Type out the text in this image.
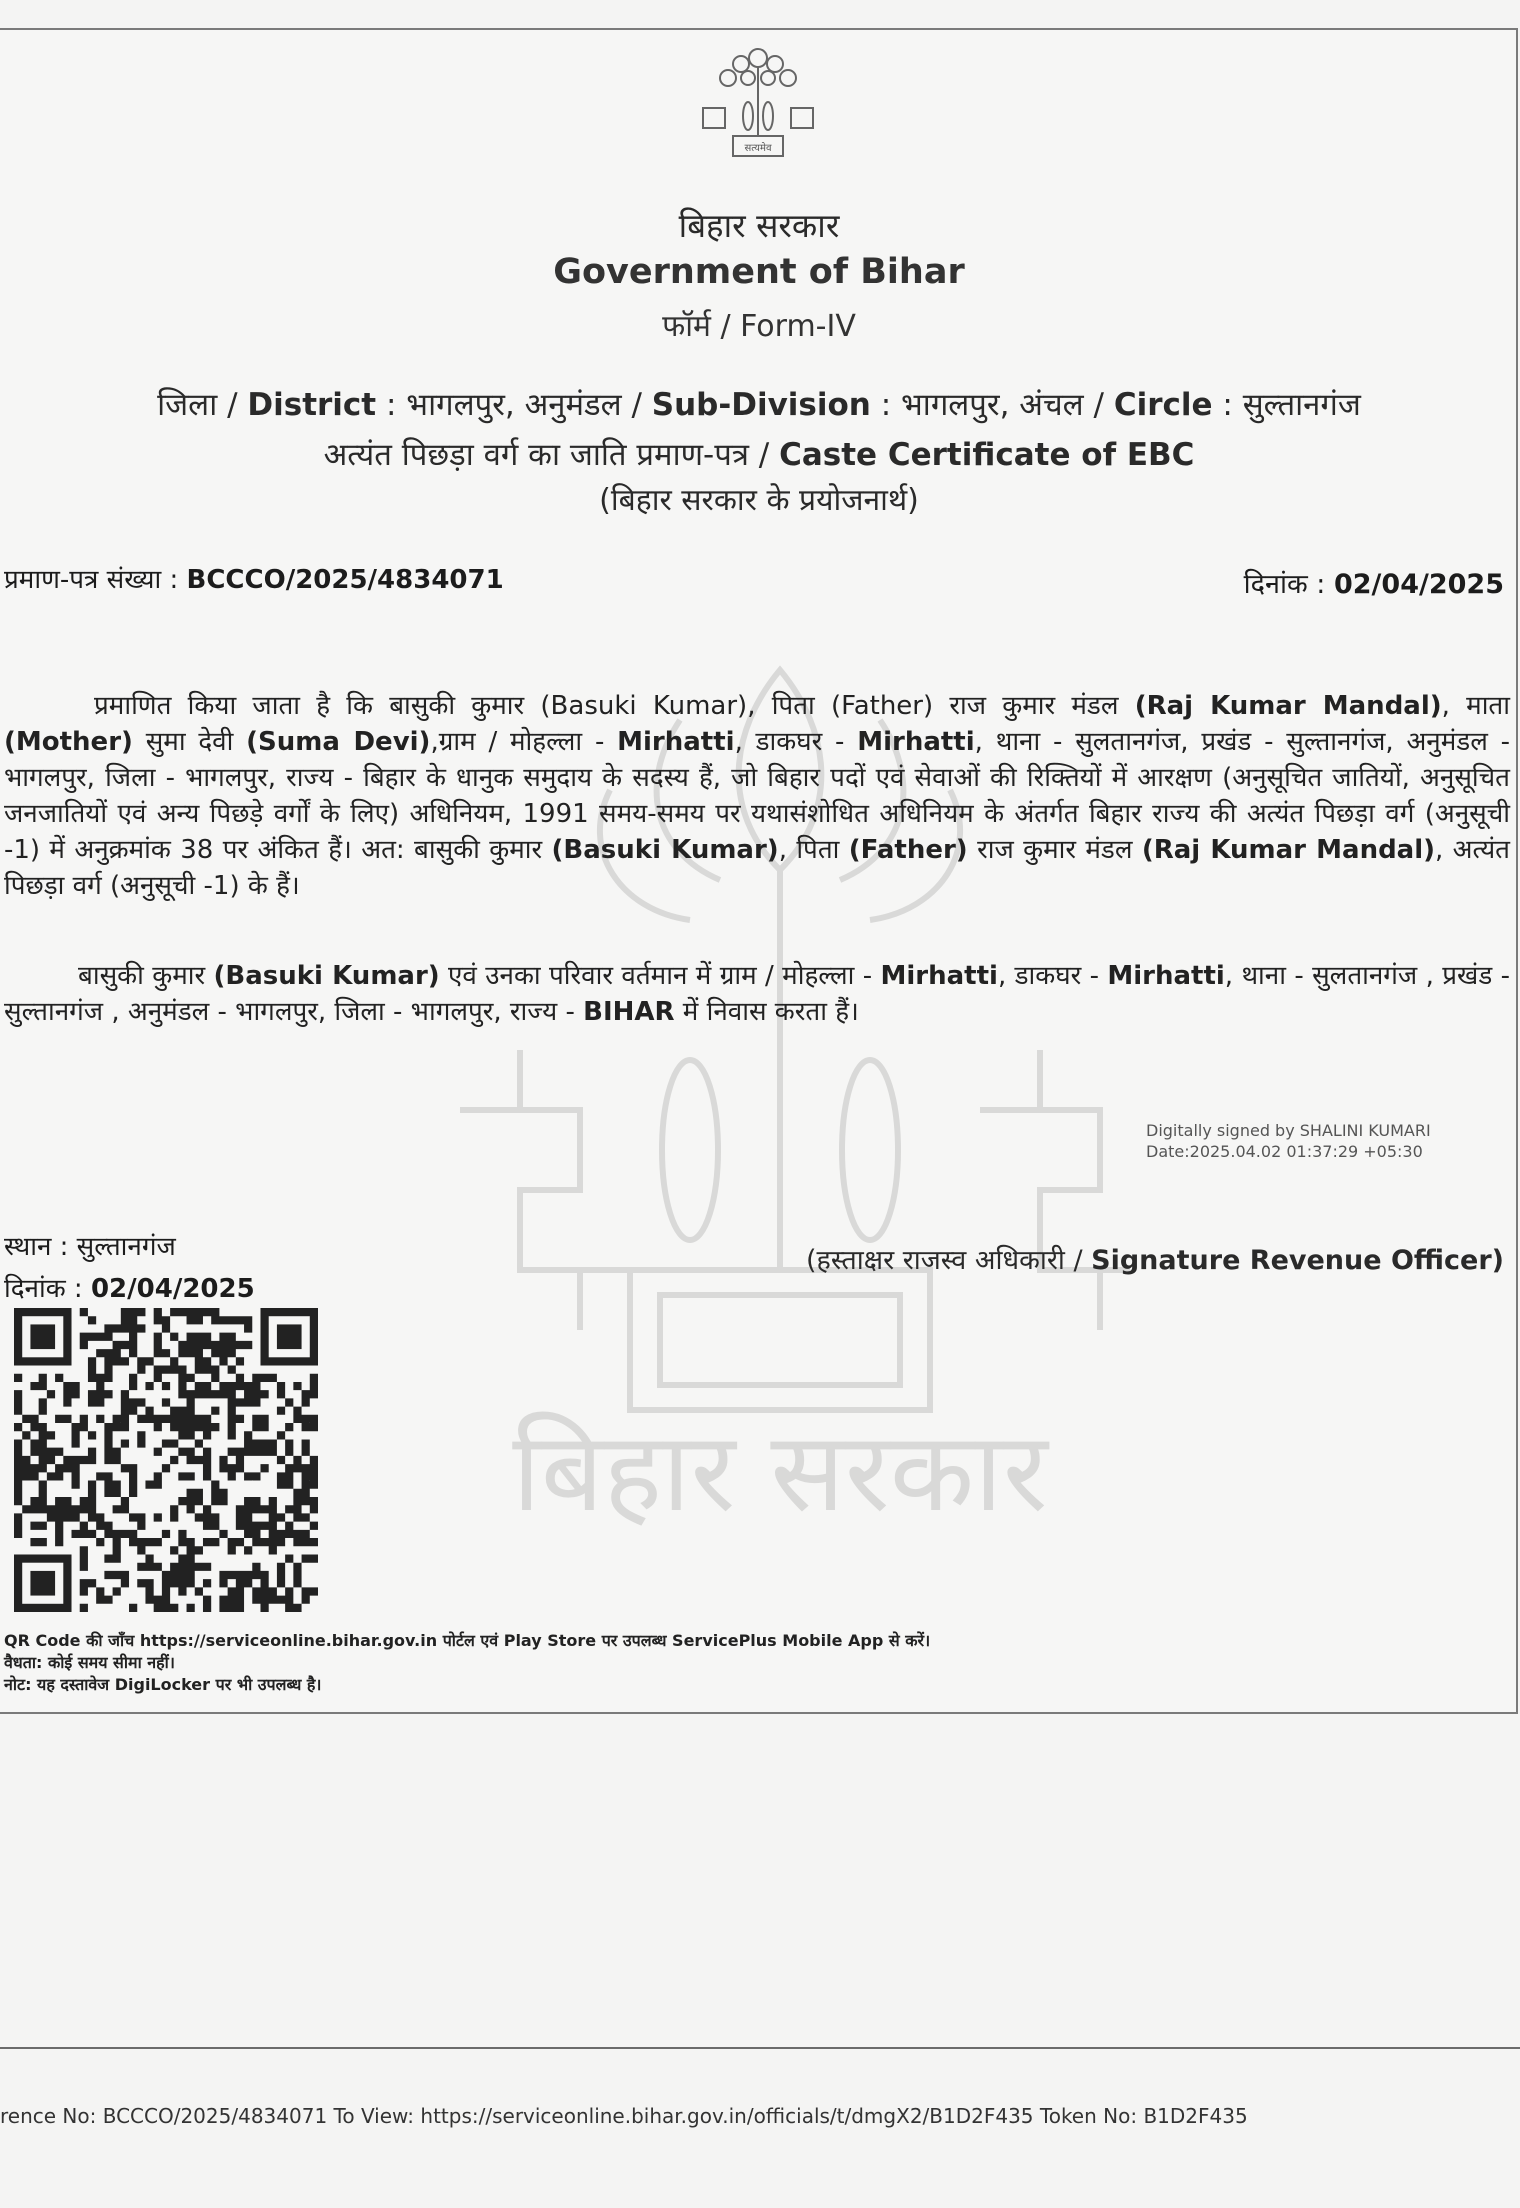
बिहार सरकार
सत्यमेव
बिहार सरकार
Government of Bihar
फॉर्म / Form-IV
जिला / District : भागलपुर, अनुमंडल / Sub-Division : भागलपुर, अंचल / Circle : सुल्तानगंज
अत्यंत पिछड़ा वर्ग का जाति प्रमाण-पत्र / Caste Certificate of EBC
(बिहार सरकार के प्रयोजनार्थ)
प्रमाण-पत्र संख्या : BCCCO/2025/4834071	दिनांक : 02/04/2025
प्रमाणित किया जाता है कि बासुकी कुमार (Basuki Kumar), पिता (Father) राज कुमार मंडल (Raj Kumar Mandal), माता (Mother) सुमा देवी (Suma Devi),ग्राम / मोहल्ला - Mirhatti, डाकघर - Mirhatti, थाना - सुलतानगंज, प्रखंड - सुल्तानगंज, अनुमंडल - भागलपुर, जिला - भागलपुर, राज्य - बिहार के धानुक समुदाय के सदस्य हैं, जो बिहार पदों एवं सेवाओं की रिक्तियों में आरक्षण (अनुसूचित जातियों, अनुसूचित जनजातियों एवं अन्य पिछड़े वर्गों के लिए) अधिनियम, 1991 समय-समय पर यथासंशोधित अधिनियम के अंतर्गत बिहार राज्य की अत्यंत पिछड़ा वर्ग (अनुसूची -1) में अनुक्रमांक 38 पर अंकित हैं। अत: बासुकी कुमार (Basuki Kumar), पिता (Father) राज कुमार मंडल (Raj Kumar Mandal), अत्यंत पिछड़ा वर्ग (अनुसूची -1) के हैं।
बासुकी कुमार (Basuki Kumar) एवं उनका परिवार वर्तमान में ग्राम / मोहल्ला - Mirhatti, डाकघर - Mirhatti, थाना - सुलतानगंज , प्रखंड - सुल्तानगंज , अनुमंडल - भागलपुर, जिला - भागलपुर, राज्य - BIHAR में निवास करता हैं।
Digitally signed by SHALINI KUMARI
Date:2025.04.02 01:37:29 +05:30
स्थान : सुल्तानगंज
दिनांक : 02/04/2025
(हस्ताक्षर राजस्व अधिकारी / Signature Revenue Officer)
QR Code की जाँच https://serviceonline.bihar.gov.in पोर्टल एवं Play Store पर उपलब्ध ServicePlus Mobile App से करें।
वैधता: कोई समय सीमा नहीं।
नोट: यह दस्तावेज DigiLocker पर भी उपलब्ध है।
rence No: BCCCO/2025/4834071 To View: https://serviceonline.bihar.gov.in/officials/t/dmgX2/B1D2F435 Token No: B1D2F435
